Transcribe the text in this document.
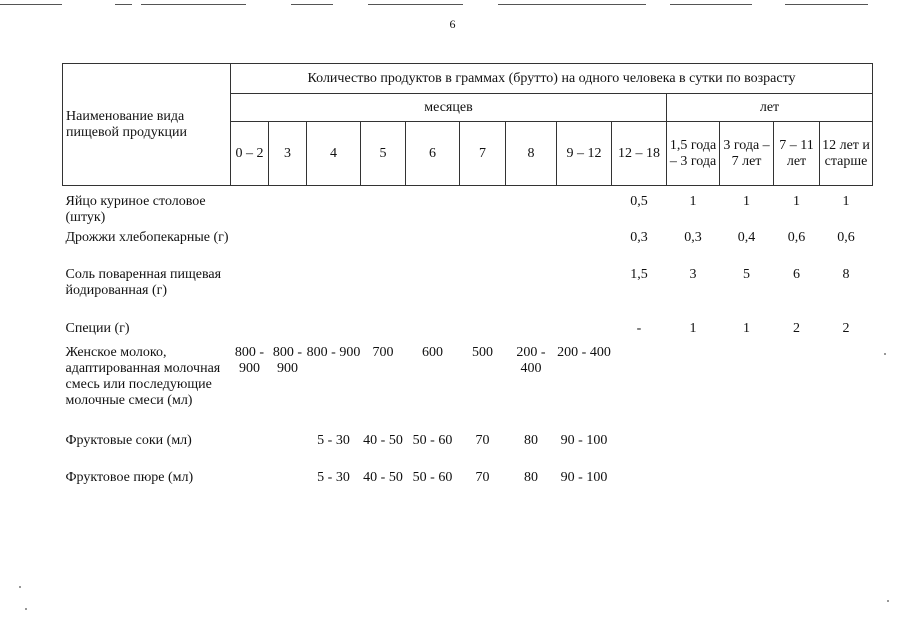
6
Наименование вида пищевой продукции	Количество продуктов в граммах (брутто) на одного человека в сутки по возрасту												
	месяцев									лет			
	0 – 2	3	4	5	6	7	8	9 – 12	12 – 18	1,5 года – 3 года	3 года – 7 лет	7 – 11 лет	12 лет и старше

Яйцо куриное столовое (штук)									0,5	1	1	1	1
Дрожжи хлебопекарные (г)									0,3	0,3	0,4	0,6	0,6
Соль поваренная пищевая йодированная (г)									1,5	3	5	6	8
Специи (г)									-	1	1	2	2
Женское молоко, адаптированная молочная смесь или последующие молочные смеси (мл)	800 - 900	800 - 900	800 - 900	700	600	500	200 - 400	200 - 400					
Фруктовые соки (мл)			5 - 30	40 - 50	50 - 60	70	80	90 - 100					
Фруктовое пюре (мл)			5 - 30	40 - 50	50 - 60	70	80	90 - 100					
